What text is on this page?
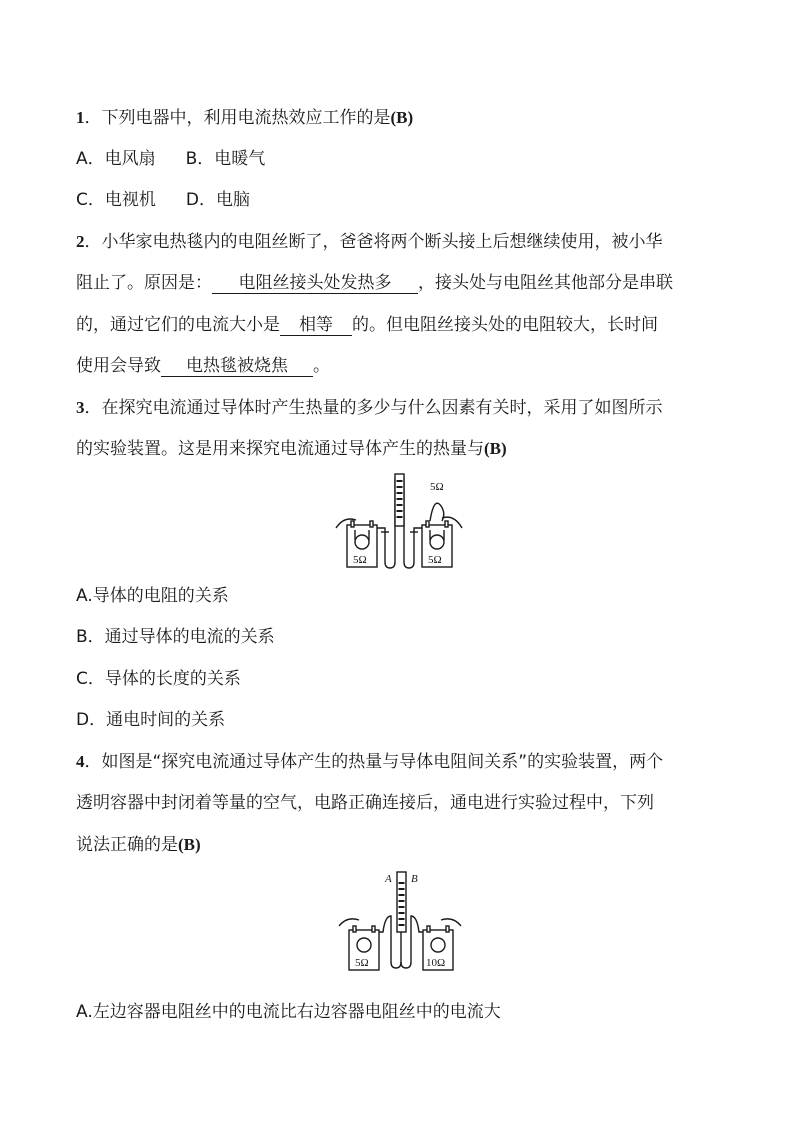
1．下列电器中，利用电流热效应工作的是(B)
A．电风扇 B．电暖气
C．电视机 D．电脑
2．小华家电热毯内的电阻丝断了，爸爸将两个断头接上后想继续使用，被小华
阻止了。原因是： 电阻丝接头处发热多 ，接头处与电阻丝其他部分是串联
的，通过它们的电流大小是 相等 的。但电阻丝接头处的电阻较大，长时间
使用会导致 电热毯被烧焦 。
3．在探究电流通过导体时产生热量的多少与什么因素有关时，采用了如图所示
的实验装置。这是用来探究电流通过导体产生的热量与(B)
5Ω
5Ω	5Ω
A.导体的电阻的关系
B．通过导体的电流的关系
C．导体的长度的关系
D．通电时间的关系
4．如图是“探究电流通过导体产生的热量与导体电阻间关系”的实验装置，两个
透明容器中封闭着等量的空气，电路正确连接后，通电进行实验过程中，下列
说法正确的是(B)
A B
5Ω	10Ω
A.左边容器电阻丝中的电流比右边容器电阻丝中的电流大
